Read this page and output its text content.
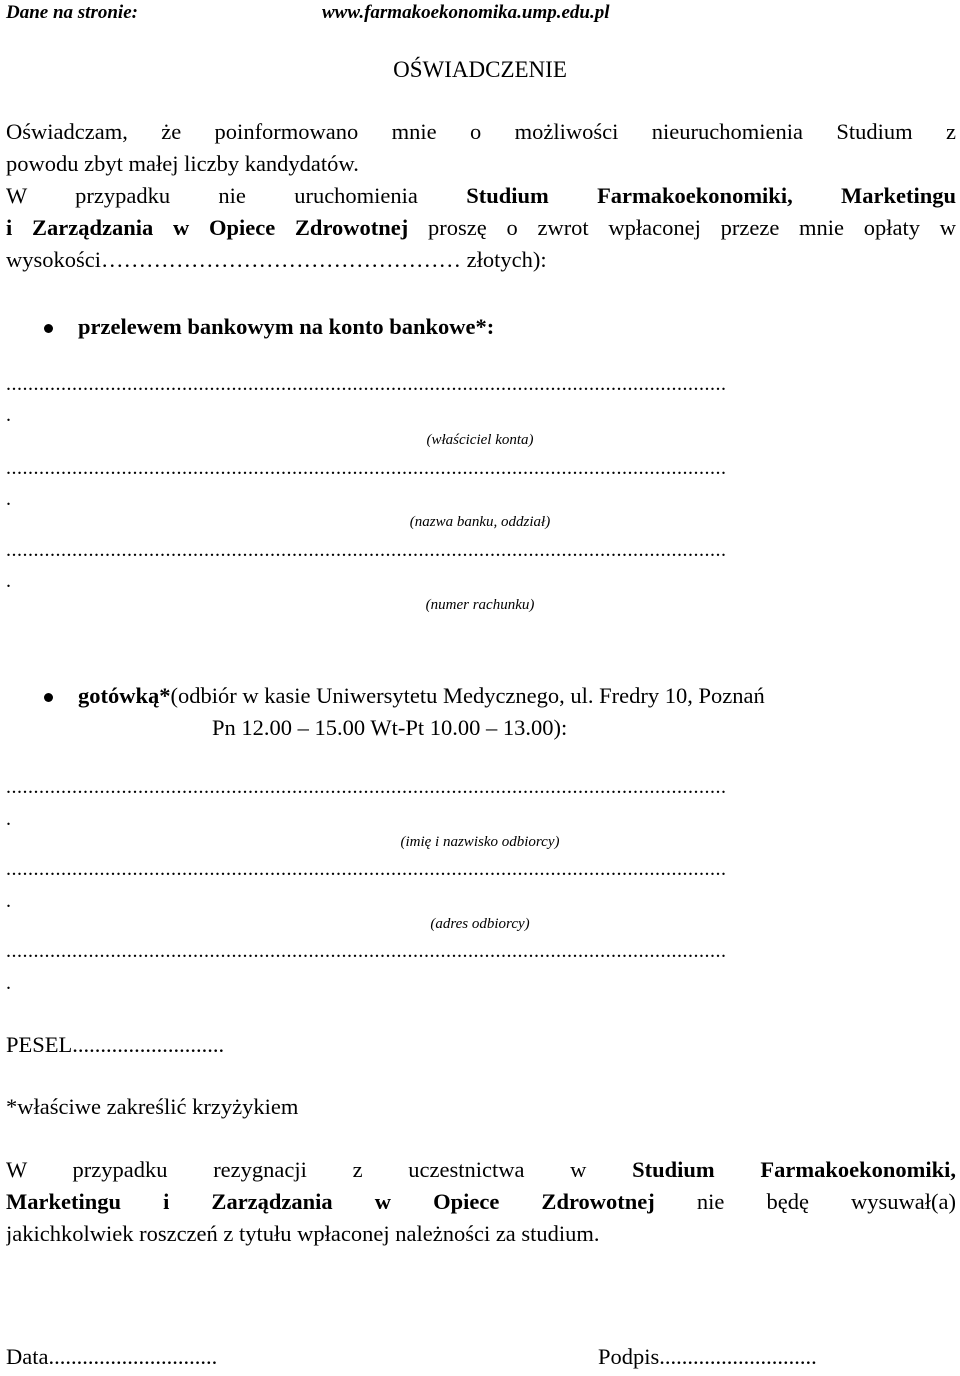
Dane na stronie:	www.farmakoekonomika.ump.edu.pl
OŚWIADCZENIE
Oświadczam, że poinformowano mnie o możliwości nieuruchomienia Studium z
powodu zbyt małej liczby kandydatów.
W przypadku nie uruchomienia Studium Farmakoekonomiki, Marketingu
i Zarządzania w Opiece Zdrowotnej proszę o zwrot wpłaconej przeze mnie opłaty w
wysokości………………………………………… złotych):
przelewem bankowym na konto bankowe*:
...................................................................................................................................
.
(właściciel konta)
...................................................................................................................................
.
(nazwa banku, oddział)
...................................................................................................................................
.
(numer rachunku)
gotówką*(odbiór w kasie Uniwersytetu Medycznego, ul. Fredry 10, Poznań
Pn 12.00 – 15.00 Wt-Pt 10.00 – 13.00):
...................................................................................................................................
.
(imię i nazwisko odbiorcy)
...................................................................................................................................
.
(adres odbiorcy)
...................................................................................................................................
.
PESEL...........................
*właściwe zakreślić krzyżykiem
W przypadku rezygnacji z uczestnictwa w Studium Farmakoekonomiki,
Marketingu i Zarządzania w Opiece Zdrowotnej nie będę wysuwał(a)
jakichkolwiek roszczeń z tytułu wpłaconej należności za studium.
Data..............................	Podpis............................
